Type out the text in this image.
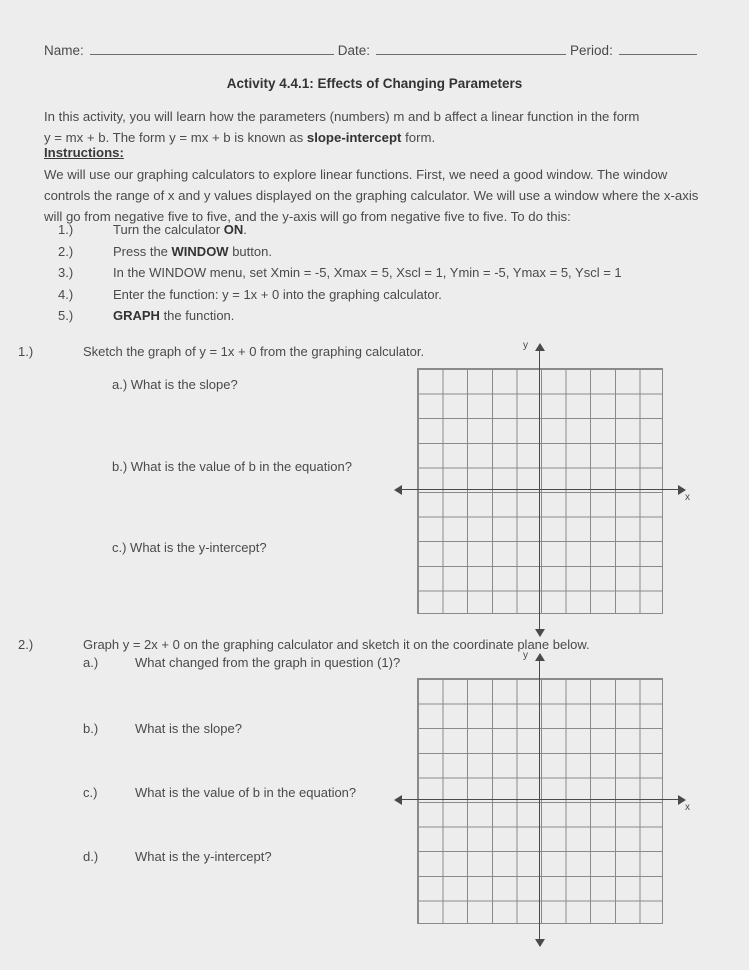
Name:	Date:	Period:
Activity 4.4.1: Effects of Changing Parameters
In this activity, you will learn how the parameters (numbers) m and b affect a linear function in the form
y = mx + b. The form y = mx + b is known as slope-intercept form.
Instructions:
We will use our graphing calculators to explore linear functions. First, we need a good window. The window controls the range of x and y values displayed on the graphing calculator. We will use a window where the x-axis will go from negative five to five, and the y-axis will go from negative five to five. To do this:
1.)	Turn the calculator ON.
2.)	Press the WINDOW button.
3.)	In the WINDOW menu, set Xmin = -5, Xmax = 5, Xscl = 1, Ymin = -5, Ymax = 5, Yscl = 1
4.)	Enter the function: y = 1x + 0 into the graphing calculator.
5.)	GRAPH the function.
1.)	Sketch the graph of y = 1x + 0 from the graphing calculator.
a.) What is the slope?
b.) What is the value of b in the equation?
c.) What is the y-intercept?
y
x
2.)	Graph y = 2x + 0 on the graphing calculator and sketch it on the coordinate plane below.
a.)	What changed from the graph in question (1)?
b.)	What is the slope?
c.)	What is the value of b in the equation?
d.)	What is the y-intercept?
y
x
